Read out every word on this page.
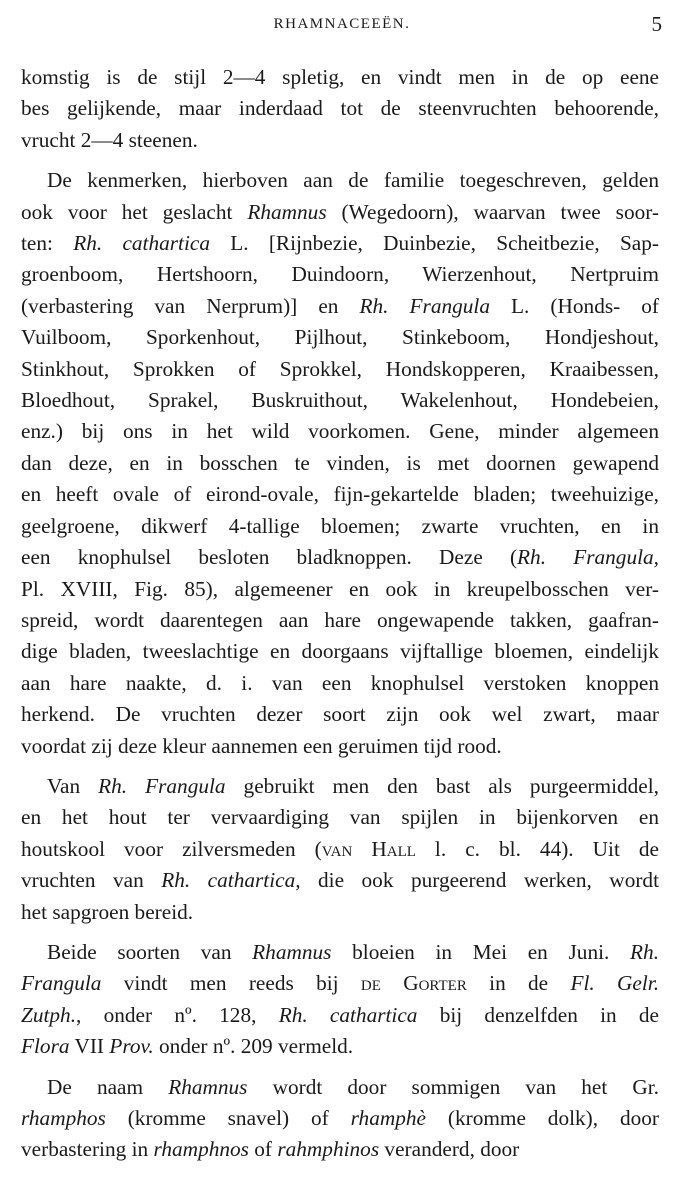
RHAMNACEEËN.	5
komstig is de stijl 2—4 spletig, en vindt men in de op eene
bes gelijkende, maar inderdaad tot de steenvruchten behoorende,
vrucht 2—4 steenen.
De kenmerken, hierboven aan de familie toegeschreven, gelden
ook voor het geslacht Rhamnus (Wegedoorn), waarvan twee soor-
ten: Rh. cathartica L. [Rijnbezie, Duinbezie, Scheitbezie, Sap-
groenboom, Hertshoorn, Duindoorn, Wierzenhout, Nertpruim
(verbastering van Nerprum)] en Rh. Frangula L. (Honds- of
Vuilboom, Sporkenhout, Pijlhout, Stinkeboom, Hondjeshout,
Stinkhout, Sprokken of Sprokkel, Hondskopperen, Kraaibessen,
Bloedhout, Sprakel, Buskruithout, Wakelenhout, Hondebeien,
enz.) bij ons in het wild voorkomen. Gene, minder algemeen
dan deze, en in bosschen te vinden, is met doornen gewapend
en heeft ovale of eirond-ovale, fijn-gekartelde bladen; tweehuizige,
geelgroene, dikwerf 4-tallige bloemen; zwarte vruchten, en in
een knophulsel besloten bladknoppen. Deze (Rh. Frangula,
Pl. XVIII, Fig. 85), algemeener en ook in kreupelbosschen ver-
spreid, wordt daarentegen aan hare ongewapende takken, gaafran-
dige bladen, tweeslachtige en doorgaans vijftallige bloemen, eindelijk
aan hare naakte, d. i. van een knophulsel verstoken knoppen
herkend. De vruchten dezer soort zijn ook wel zwart, maar
voordat zij deze kleur aannemen een geruimen tijd rood.
Van Rh. Frangula gebruikt men den bast als purgeermiddel,
en het hout ter vervaardiging van spijlen in bijenkorven en
houtskool voor zilversmeden (van Hall l. c. bl. 44). Uit de
vruchten van Rh. cathartica, die ook purgeerend werken, wordt
het sapgroen bereid.
Beide soorten van Rhamnus bloeien in Mei en Juni. Rh.
Frangula vindt men reeds bij de Gorter in de Fl. Gelr.
Zutph., onder nº. 128, Rh. cathartica bij denzelfden in de
Flora VII Prov. onder nº. 209 vermeld.
De naam Rhamnus wordt door sommigen van het Gr.
rhamphos (kromme snavel) of rhamphè (kromme dolk), door
verbastering in rhamphnos of rahmphinos veranderd, door
